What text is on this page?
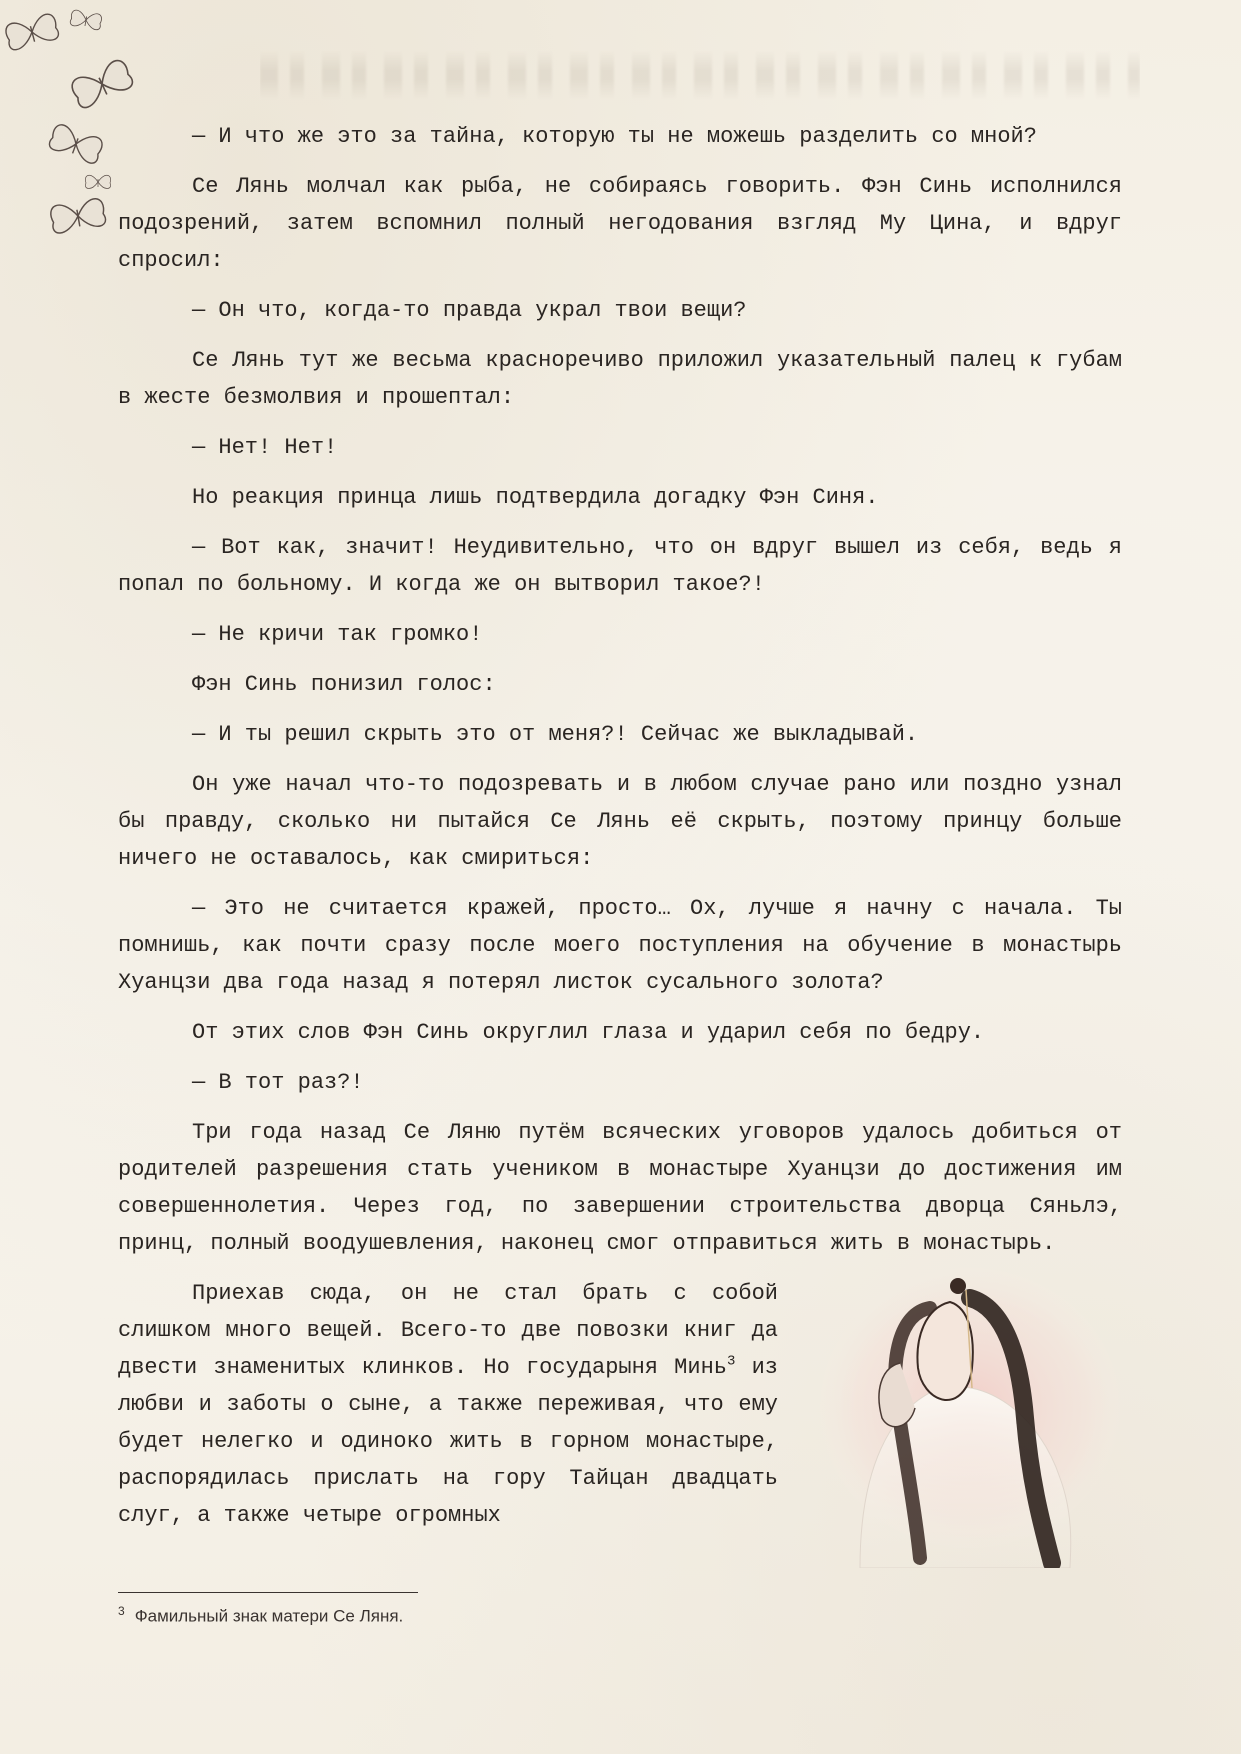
— И что же это за тайна, которую ты не можешь разделить со мной?

Се Лянь молчал как рыба, не собираясь говорить. Фэн Синь исполнился подозрений, затем вспомнил полный негодования взгляд Му Цина, и вдруг спросил:

— Он что, когда-то правда украл твои вещи?

Се Лянь тут же весьма красноречиво приложил указательный палец к губам в жесте безмолвия и прошептал:

— Нет! Нет!

Но реакция принца лишь подтвердила догадку Фэн Синя.

— Вот как, значит! Неудивительно, что он вдруг вышел из себя, ведь я попал по больному. И когда же он вытворил такое?!

— Не кричи так громко!

Фэн Синь понизил голос:

— И ты решил скрыть это от меня?! Сейчас же выкладывай.

Он уже начал что-то подозревать и в любом случае рано или поздно узнал бы правду, сколько ни пытайся Се Лянь её скрыть, поэтому принцу больше ничего не оставалось, как смириться:

— Это не считается кражей, просто… Ох, лучше я начну с начала. Ты помнишь, как почти сразу после моего поступления на обучение в монастырь Хуанцзи два года назад я потерял листок сусального золота?

От этих слов Фэн Синь округлил глаза и ударил себя по бедру.

— В тот раз?!

Три года назад Се Ляню путём всяческих уговоров удалось добиться от родителей разрешения стать учеником в монастыре Хуанцзи до достижения им совершеннолетия. Через год, по завершении строительства дворца Сяньлэ, принц, полный воодушевления, наконец смог отправиться жить в монастырь.

Приехав сюда, он не стал брать с собой слишком много вещей. Всего-то две повозки книг да двести знаменитых клинков. Но государыня Минь$^3$ из любви и заботы о сыне, а также переживая, что ему будет нелегко и одиноко жить в горном монастыре, распорядилась прислать на гору Тайцан двадцать слуг, а также четыре огромных

$^3$ Фамильный знак матери Се Ляня.
